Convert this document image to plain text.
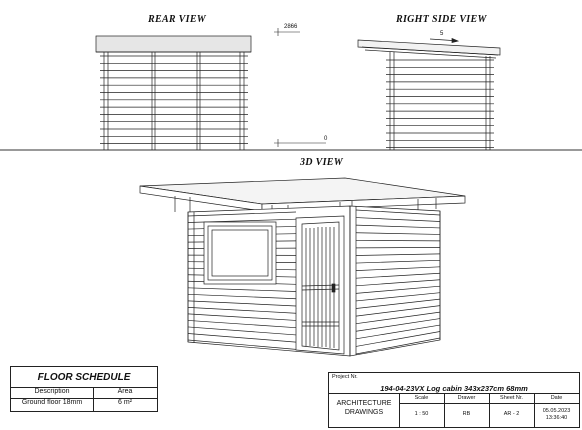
REAR VIEW	RIGHT SIDE VIEW
3D VIEW
2866
5
0
FLOOR SCHEDULE
Description	Area
Ground floor 18mm	6 m²
Project Nr.
194-04-23VX Log cabin 343x237cm 68mm
ARCHITECTURE
DRAWINGS
Scale	Drawer	Sheet Nr.	Date
1 : 50	RB	AR - 2	05.05.2023
13:36:40
